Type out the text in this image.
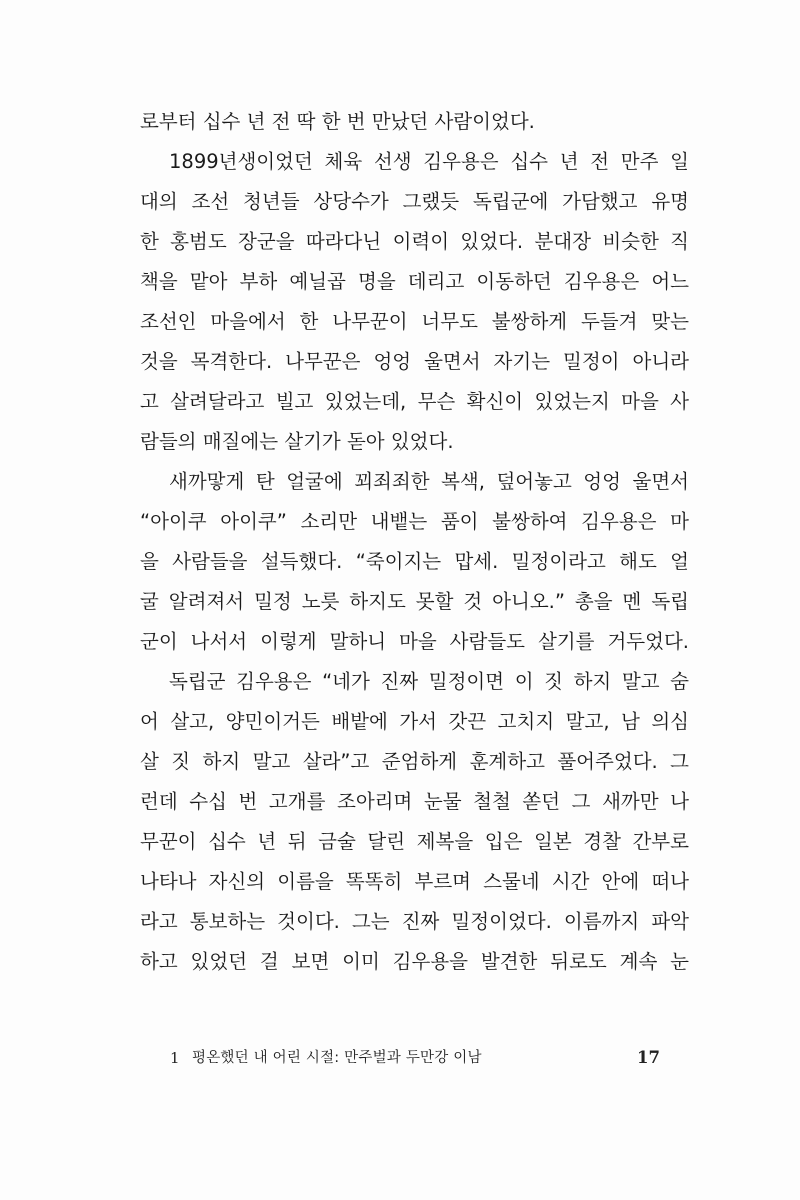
로부터 십수 년 전 딱 한 번 만났던 사람이었다.
1899년생이었던 체육 선생 김우용은 십수 년 전 만주 일
대의 조선 청년들 상당수가 그랬듯 독립군에 가담했고 유명
한 홍범도 장군을 따라다닌 이력이 있었다. 분대장 비슷한 직
책을 맡아 부하 예닐곱 명을 데리고 이동하던 김우용은 어느
조선인 마을에서 한 나무꾼이 너무도 불쌍하게 두들겨 맞는
것을 목격한다. 나무꾼은 엉엉 울면서 자기는 밀정이 아니라
고 살려달라고 빌고 있었는데, 무슨 확신이 있었는지 마을 사
람들의 매질에는 살기가 돋아 있었다.
새까맣게 탄 얼굴에 꾀죄죄한 복색, 덮어놓고 엉엉 울면서
“아이쿠 아이쿠” 소리만 내뱉는 품이 불쌍하여 김우용은 마
을 사람들을 설득했다. “죽이지는 맙세. 밀정이라고 해도 얼
굴 알려져서 밀정 노릇 하지도 못할 것 아니오.” 총을 멘 독립
군이 나서서 이렇게 말하니 마을 사람들도 살기를 거두었다.
독립군 김우용은 “네가 진짜 밀정이면 이 짓 하지 말고 숨
어 살고, 양민이거든 배밭에 가서 갓끈 고치지 말고, 남 의심
살 짓 하지 말고 살라”고 준엄하게 훈계하고 풀어주었다. 그
런데 수십 번 고개를 조아리며 눈물 철철 쏟던 그 새까만 나
무꾼이 십수 년 뒤 금술 달린 제복을 입은 일본 경찰 간부로
나타나 자신의 이름을 똑똑히 부르며 스물네 시간 안에 떠나
라고 통보하는 것이다. 그는 진짜 밀정이었다. 이름까지 파악
하고 있었던 걸 보면 이미 김우용을 발견한 뒤로도 계속 눈
1 평온했던 내 어린 시절: 만주벌과 두만강 이남	17
